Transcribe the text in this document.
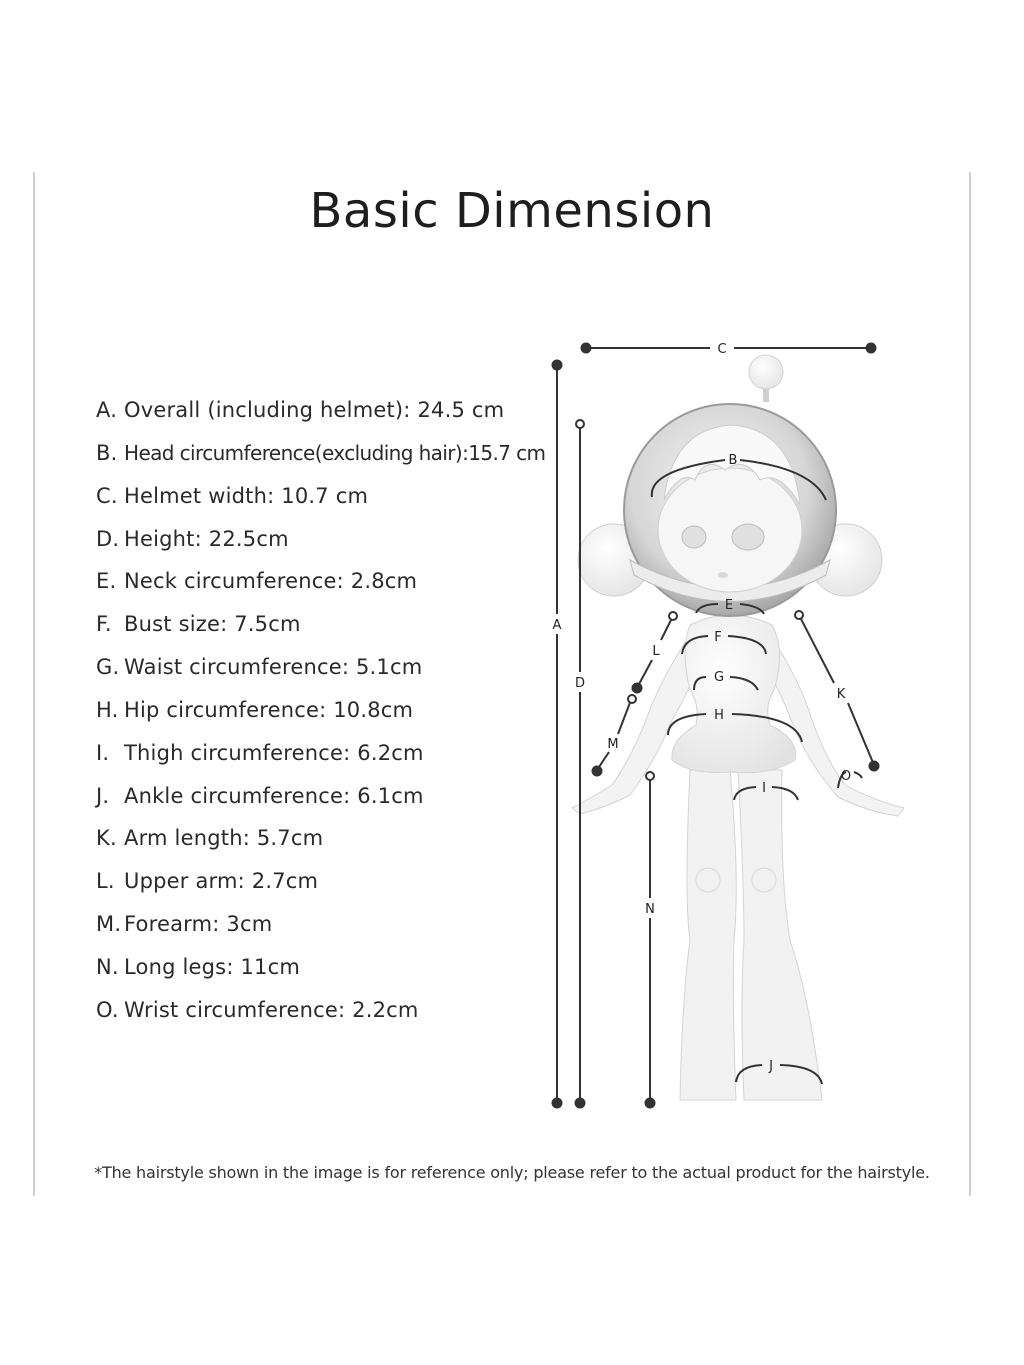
Basic Dimension
A. Overall (including helmet): 24.5 cm
B. Head circumference(excluding hair):15.7 cm
C. Helmet width: 10.7 cm
D. Height: 22.5cm
E. Neck circumference: 2.8cm
F. Bust size: 7.5cm
G. Waist circumference: 5.1cm
H. Hip circumference: 10.8cm
I. Thigh circumference: 6.2cm
J. Ankle circumference: 6.1cm
K. Arm length: 5.7cm
L. Upper arm: 2.7cm
M. Forearm: 3cm
N. Long legs: 11cm
O. Wrist circumference: 2.2cm
C
A
D
B
E
F
G
H
I
J
K
L
M
N
O
*The hairstyle shown in the image is for reference only; please refer to the actual product for the hairstyle.
